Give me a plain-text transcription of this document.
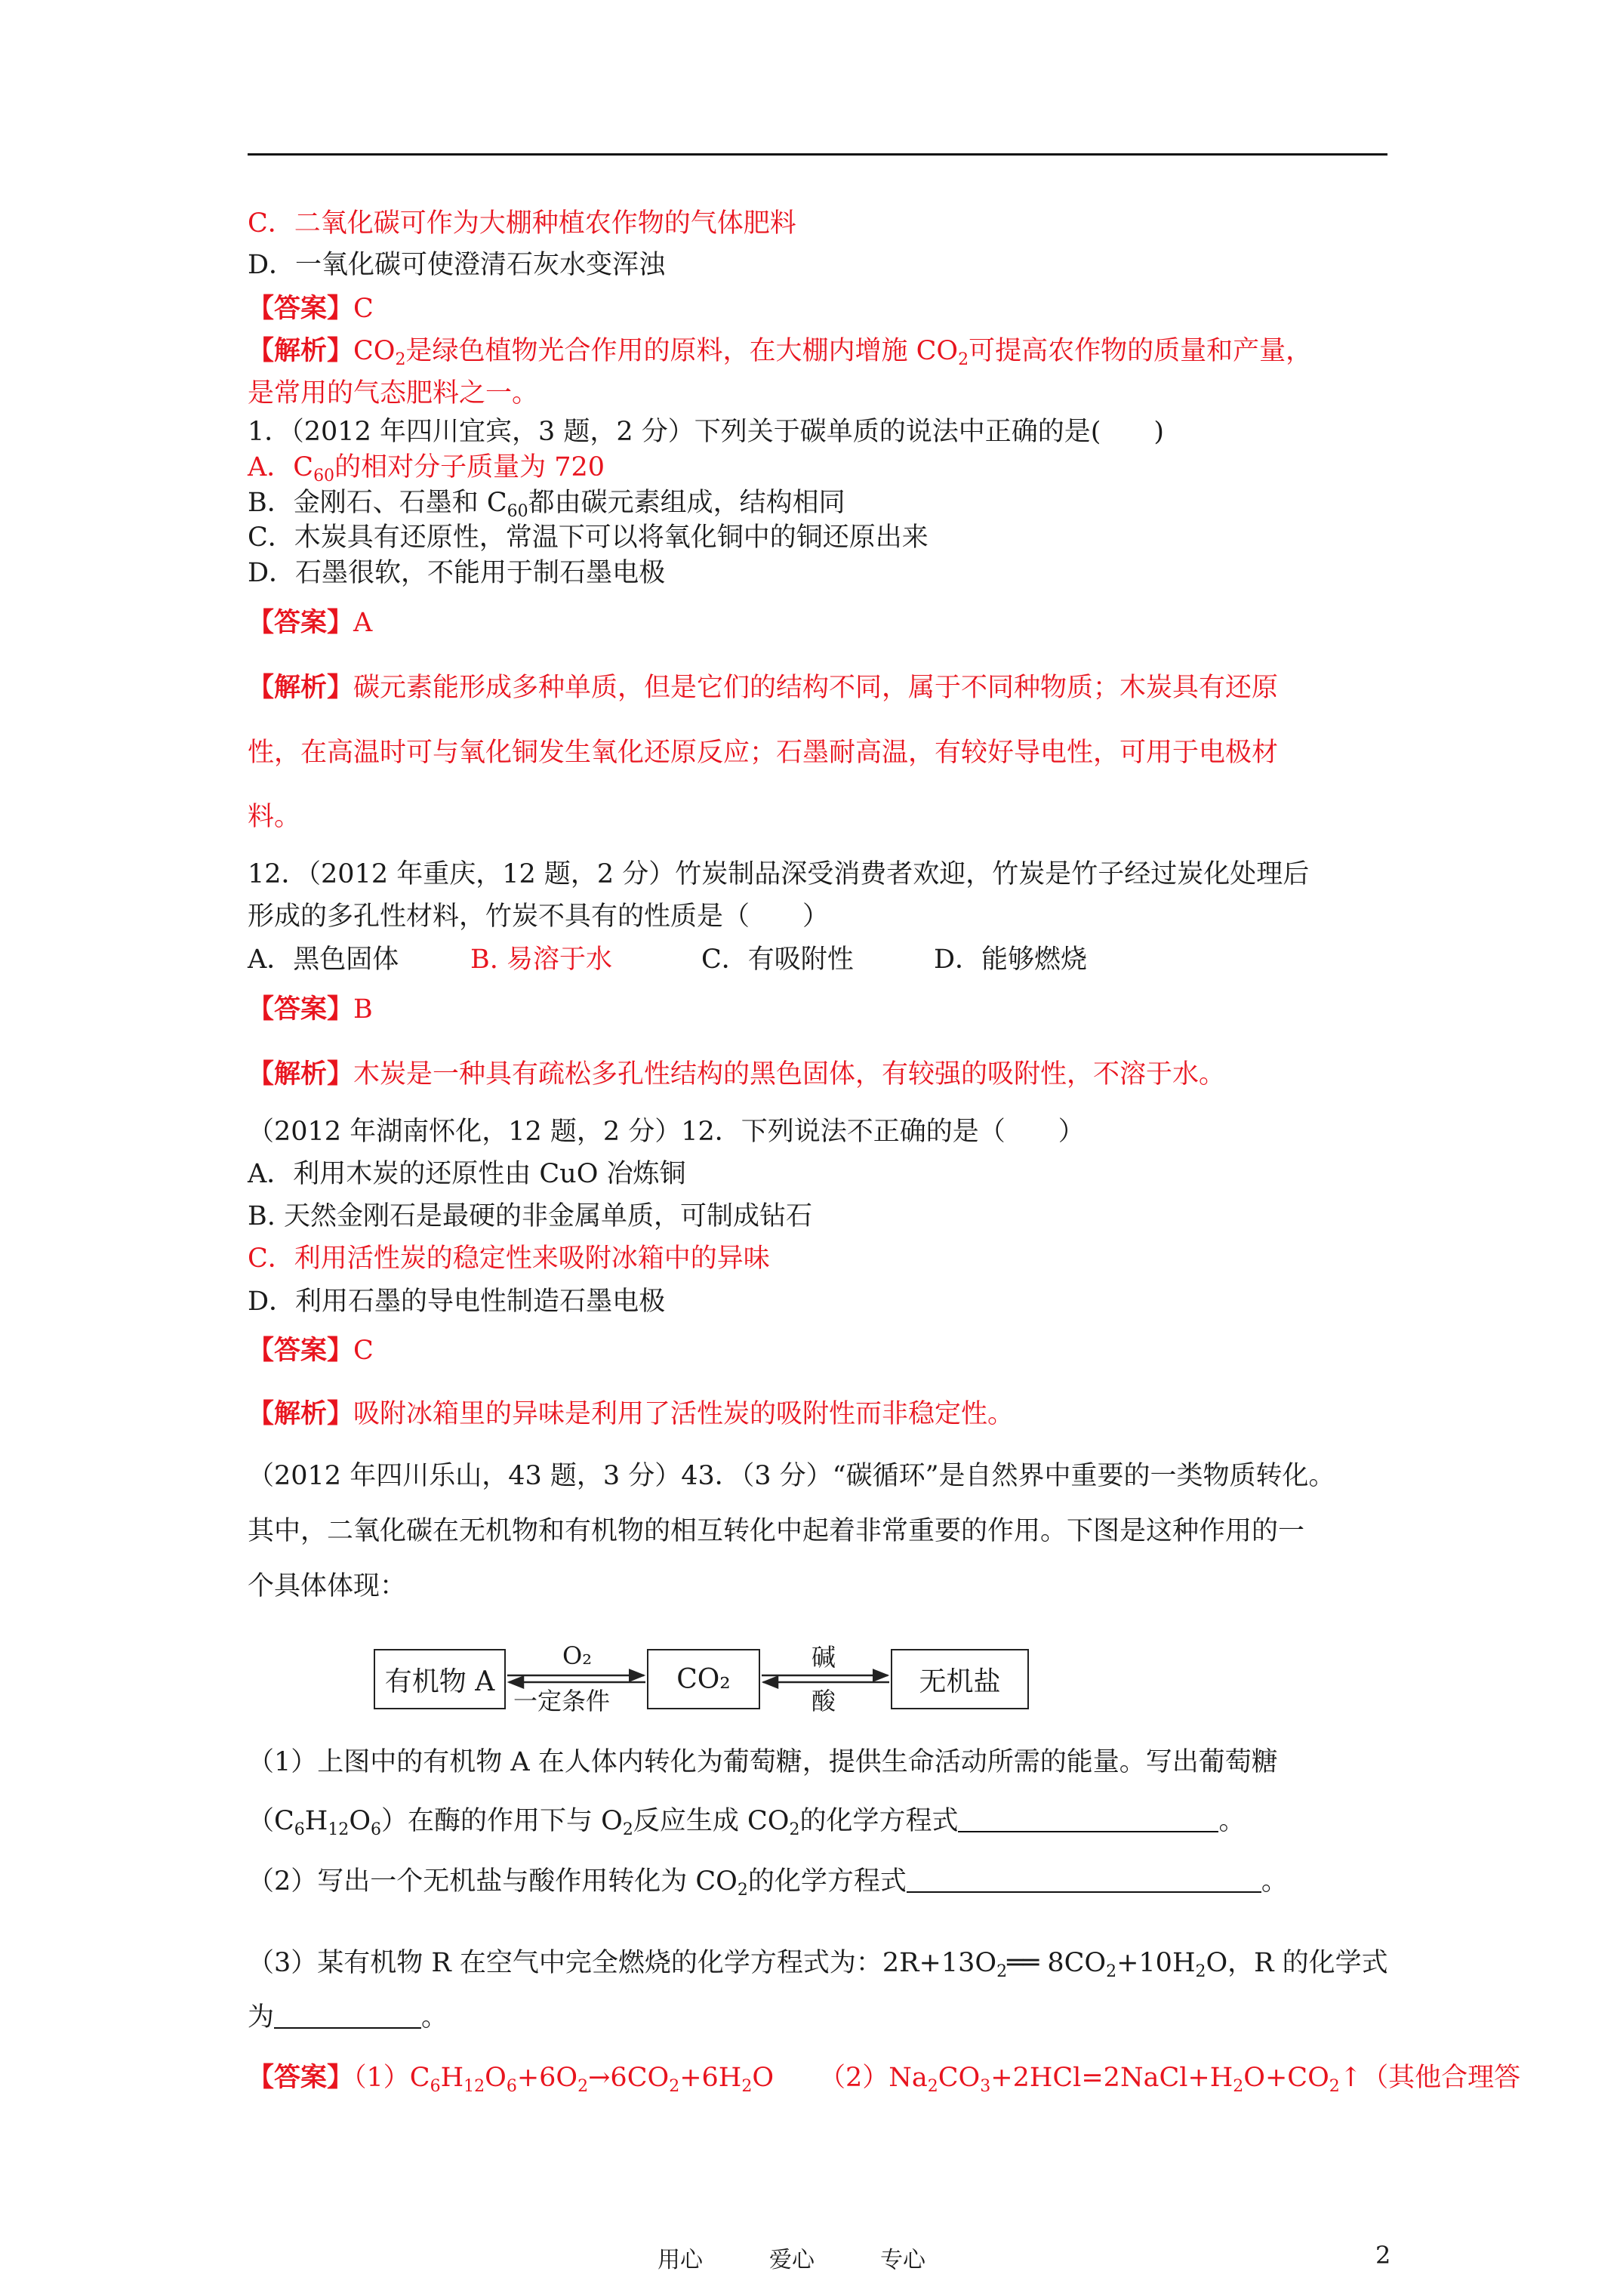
C．二氧化碳可作为大棚种植农作物的气体肥料
D．一氧化碳可使澄清石灰水变浑浊
【答案】C
【解析】$CO_2$是绿色植物光合作用的原料，在大棚内增施 $CO_2$可提高农作物的质量和产量，
是常用的气态肥料之一。
1．（2012 年四川宜宾，3 题，2 分）下列关于碳单质的说法中正确的是(　　)
A．$C_{60}$的相对分子质量为 720
B．金刚石、石墨和 $C_{60}$都由碳元素组成，结构相同
C．木炭具有还原性，常温下可以将氧化铜中的铜还原出来
D．石墨很软，不能用于制石墨电极
【答案】A
【解析】碳元素能形成多种单质，但是它们的结构不同，属于不同种物质；木炭具有还原
性，在高温时可与氧化铜发生氧化还原反应；石墨耐高温，有较好导电性，可用于电极材
料。
12．（2012 年重庆，12 题，2 分）竹炭制品深受消费者欢迎，竹炭是竹子经过炭化处理后
形成的多孔性材料，竹炭不具有的性质是（　　）
A．黑色固体	B. 易溶于水	C．有吸附性	D．能够燃烧
【答案】B
【解析】木炭是一种具有疏松多孔性结构的黑色固体，有较强的吸附性，不溶于水。
（2012 年湖南怀化，12 题，2 分）12．下列说法不正确的是（　　）
A．利用木炭的还原性由 CuO 冶炼铜
B. 天然金刚石是最硬的非金属单质，可制成钻石
C．利用活性炭的稳定性来吸附冰箱中的异味
D．利用石墨的导电性制造石墨电极
【答案】C
【解析】吸附冰箱里的异味是利用了活性炭的吸附性而非稳定性。
（2012 年四川乐山，43 题，3 分）43．（3 分）“碳循环”是自然界中重要的一类物质转化。
其中，二氧化碳在无机物和有机物的相互转化中起着非常重要的作用。下图是这种作用的一
个具体体现：
有机物 A	CO₂	无机盐
O₂
一定条件
碱
酸
（1）上图中的有机物 A 在人体内转化为葡萄糖，提供生命活动所需的能量。写出葡萄糖
$(C_6H_{12}O_6)$在酶的作用下与 $O_2$反应生成 $CO_2$的化学方程式	。
（2）写出一个无机盐与酸作用转化为 $CO_2$的化学方程式	。
（3）某有机物 R 在空气中完全燃烧的化学方程式为：$2R+13O_2══$ $8CO_2+10H_2O$，R 的化学式
为	。
【答案】$(1)C_6H_{12}O_6+6O_2\to 6CO_2+6H_2O$ $(2)Na_2CO_3+2HCl=2NaCl+H_2O+CO_2↑$（其他合理答
用心	爱心	专心	2
